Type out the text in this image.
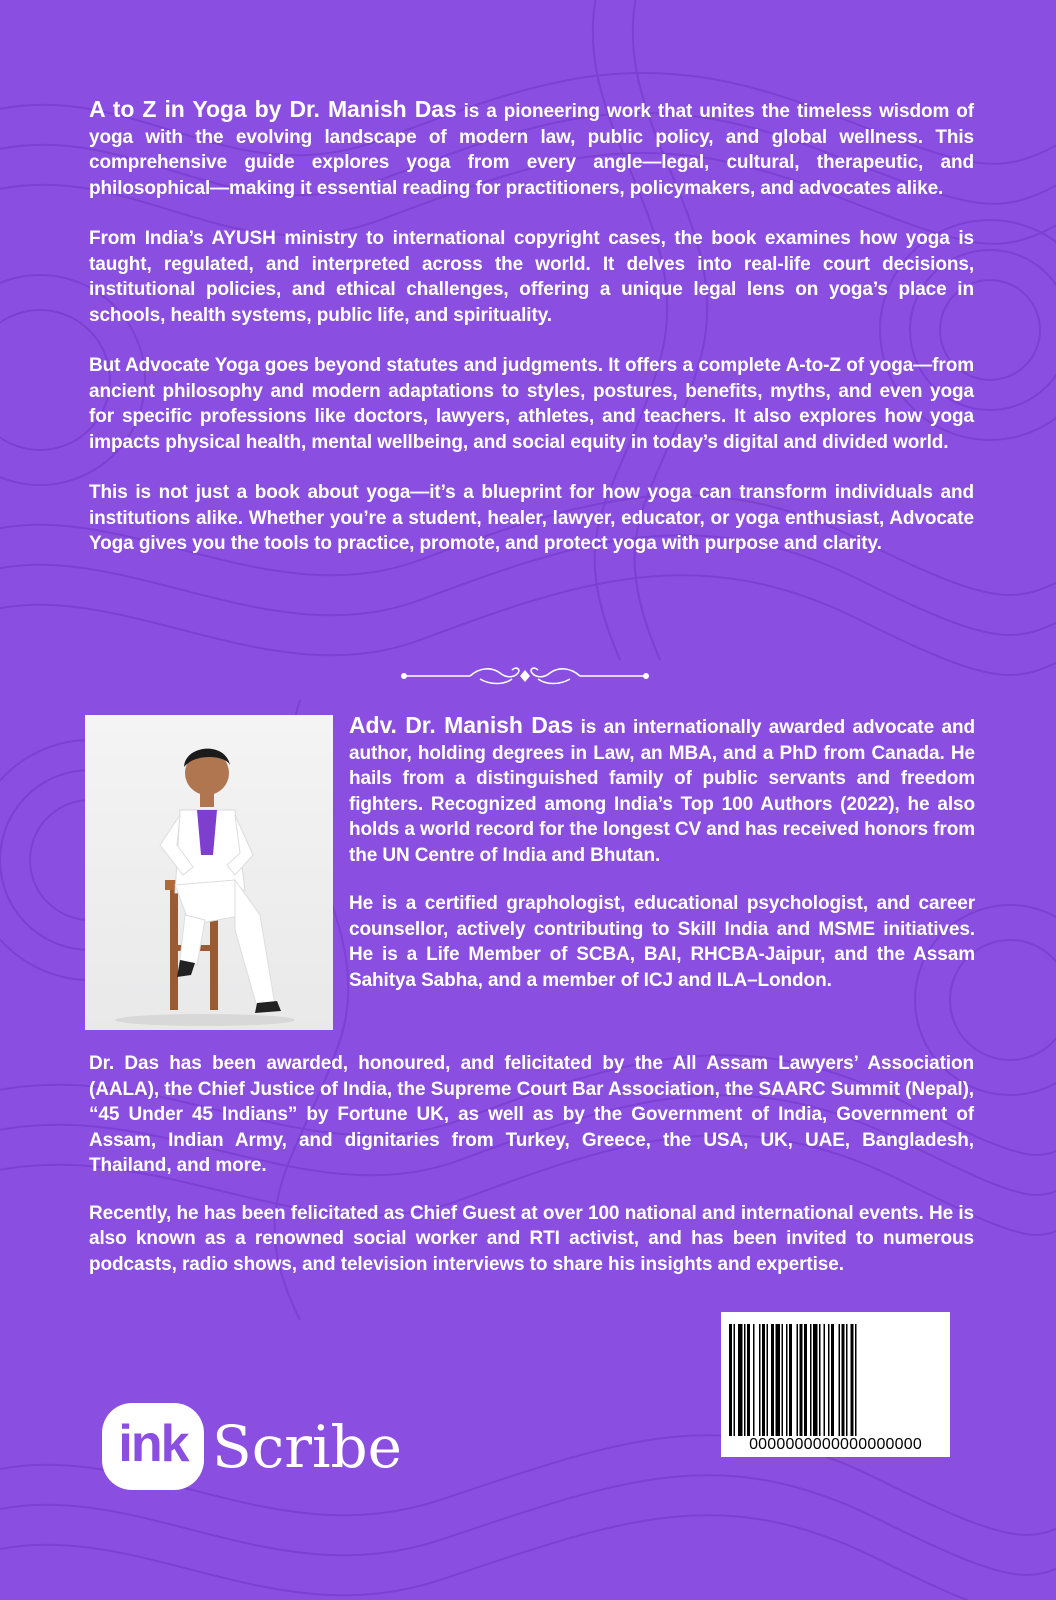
A to Z in Yoga by Dr. Manish Das is a pioneering work that unites the timeless wisdom of yoga with the evolving landscape of modern law, public policy, and global wellness. This comprehensive guide explores yoga from every angle—legal, cultural, therapeutic, and philosophical—making it essential reading for practitioners, policymakers, and advocates alike.

From India’s AYUSH ministry to international copyright cases, the book examines how yoga is taught, regulated, and interpreted across the world. It delves into real-life court decisions, institutional policies, and ethical challenges, offering a unique legal lens on yoga’s place in schools, health systems, public life, and spirituality.

But Advocate Yoga goes beyond statutes and judgments. It offers a complete A-to-Z of yoga—from ancient philosophy and modern adaptations to styles, postures, benefits, myths, and even yoga for specific professions like doctors, lawyers, athletes, and teachers. It also explores how yoga impacts physical health, mental wellbeing, and social equity in today’s digital and divided world.

This is not just a book about yoga—it’s a blueprint for how yoga can transform individuals and institutions alike. Whether you’re a student, healer, lawyer, educator, or yoga enthusiast, Advocate Yoga gives you the tools to practice, promote, and protect yoga with purpose and clarity.

Adv. Dr. Manish Das is an internationally awarded advocate and author, holding degrees in Law, an MBA, and a PhD from Canada. He hails from a distinguished family of public servants and freedom fighters. Recognized among India’s Top 100 Authors (2022), he also holds a world record for the longest CV and has received honors from the UN Centre of India and Bhutan.

He is a certified graphologist, educational psychologist, and career counsellor, actively contributing to Skill India and MSME initiatives. He is a Life Member of SCBA, BAI, RHCBA-Jaipur, and the Assam Sahitya Sabha, and a member of ICJ and ILA–London.

Dr. Das has been awarded, honoured, and felicitated by the All Assam Lawyers’ Association (AALA), the Chief Justice of India, the Supreme Court Bar Association, the SAARC Summit (Nepal), “45 Under 45 Indians” by Fortune UK, as well as by the Government of India, Government of Assam, Indian Army, and dignitaries from Turkey, Greece, the USA, UK, UAE, Bangladesh, Thailand, and more.

Recently, he has been felicitated as Chief Guest at over 100 national and international events. He is also known as a renowned social worker and RTI activist, and has been invited to numerous podcasts, radio shows, and television interviews to share his insights and expertise.

ink Scribe	0000000000000000000
